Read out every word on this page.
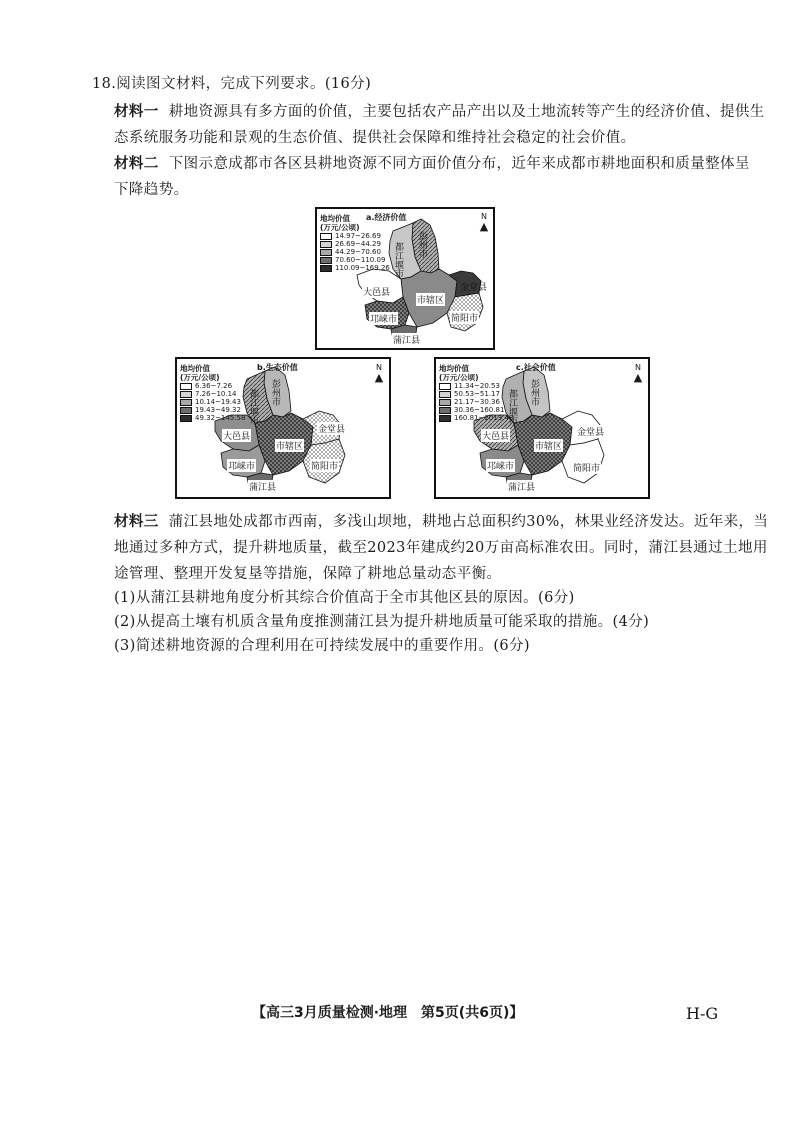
18.阅读图文材料，完成下列要求。(16分)
材料一 耕地资源具有多方面的价值，主要包括农产品产出以及土地流转等产生的经济价值、提供生
态系统服务功能和景观的生态价值、提供社会保障和维持社会稳定的社会价值。
材料二 下图示意成都市各区县耕地资源不同方面价值分布，近年来成都市耕地面积和质量整体呈
下降趋势。
a.经济价值
地均价值
(万元/公顷)
14.97~26.69
26.69~44.29
44.29~70.60
70.60~110.09
110.09~169.26
N
▲
都江堰市 彭州市
市辖区
金堂县
大邑县
邛崃市
蒲江县
简阳市
b.生态价值
地均价值
(万元/公顷)
6.36~7.26
7.26~10.14
10.14~19.43
19.43~49.32
49.32~145.58
N
▲
都江堰市 彭州市
市辖区
金堂县
大邑县
邛崃市
蒲江县
简阳市
c.社会价值
地均价值
(万元/公顷)
11.34~20.53
50.53~51.17
21.17~30.36
30.36~160.81
160.81~2013.48
N
▲
都江堰市 彭州市
市辖区
金堂县
大邑县
邛崃市
蒲江县
简阳市
材料三 蒲江县地处成都市西南，多浅山坝地，耕地占总面积约30%，林果业经济发达。近年来，当
地通过多种方式，提升耕地质量，截至2023年建成约20万亩高标准农田。同时，蒲江县通过土地用
途管理、整理开发复垦等措施，保障了耕地总量动态平衡。
(1)从蒲江县耕地角度分析其综合价值高于全市其他区县的原因。(6分)
(2)从提高土壤有机质含量角度推测蒲江县为提升耕地质量可能采取的措施。(4分)
(3)简述耕地资源的合理利用在可持续发展中的重要作用。(6分)
【高三3月质量检测·地理　第5页(共6页)】	H-G
